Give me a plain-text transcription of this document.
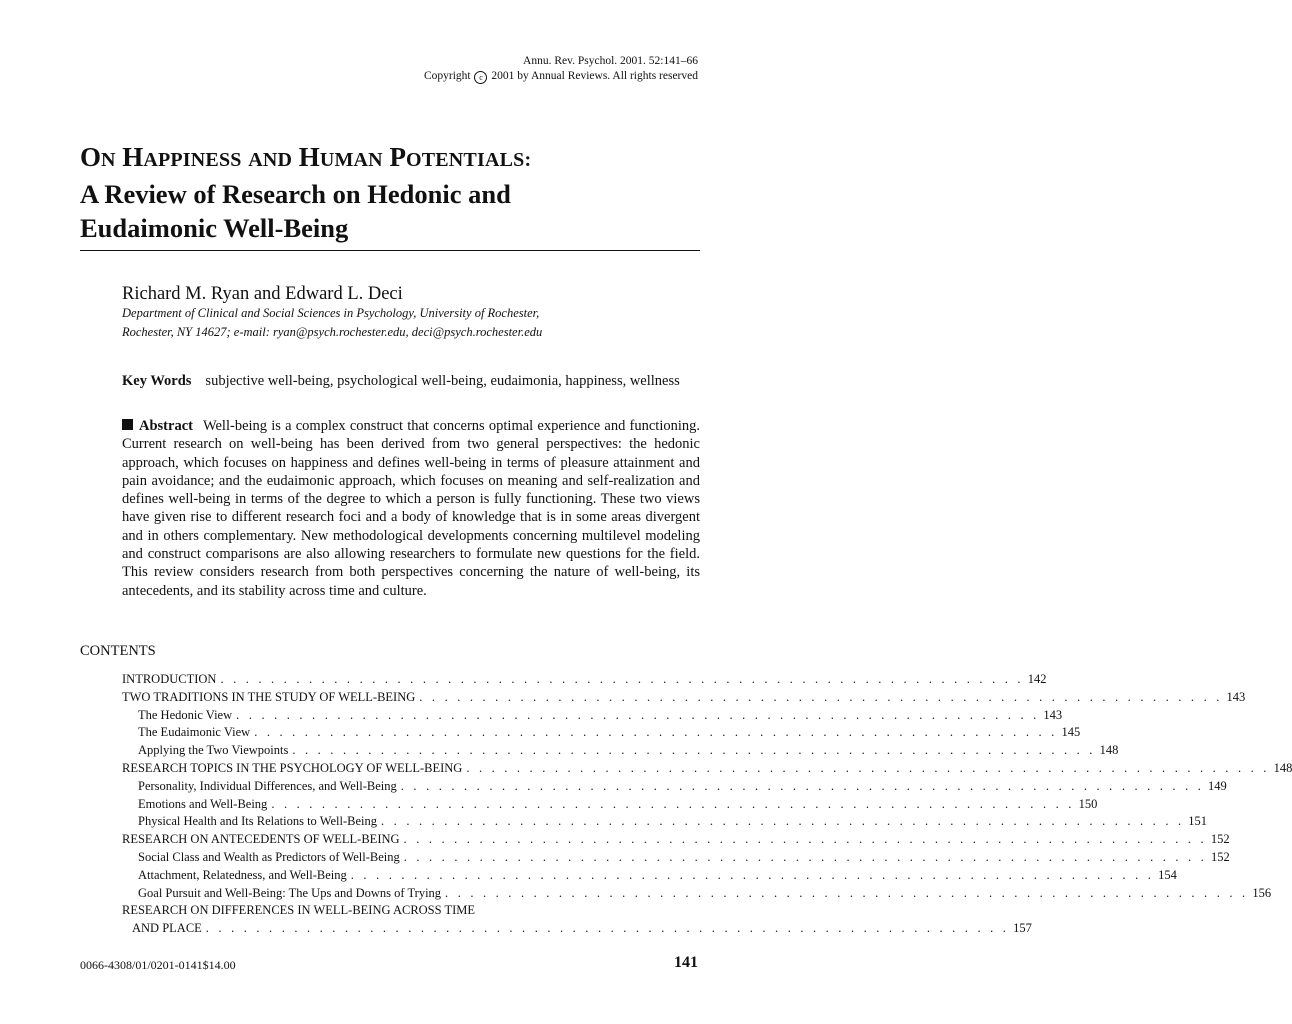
Annu. Rev. Psychol. 2001. 52:141–66
Copyright c 2001 by Annual Reviews. All rights reserved
ON HAPPINESS AND HUMAN POTENTIALS:
A Review of Research on Hedonic and
Eudaimonic Well-Being
Richard M. Ryan and Edward L. Deci
Department of Clinical and Social Sciences in Psychology, University of Rochester,
Rochester, NY 14627; e-mail: ryan@psych.rochester.edu, deci@psych.rochester.edu
Key Words subjective well-being, psychological well-being, eudaimonia, happiness, wellness
Abstract Well-being is a complex construct that concerns optimal experience and functioning. Current research on well-being has been derived from two general perspectives: the hedonic approach, which focuses on happiness and defines well-being in terms of pleasure attainment and pain avoidance; and the eudaimonic approach, which focuses on meaning and self-realization and defines well-being in terms of the degree to which a person is fully functioning. These two views have given rise to different research foci and a body of knowledge that is in some areas divergent and in others complementary. New methodological developments concerning multilevel modeling and construct comparisons are also allowing researchers to formulate new questions for the field. This review considers research from both perspectives concerning the nature of well-being, its antecedents, and its stability across time and culture.
CONTENTS
INTRODUCTION . . . . . . . . . . . . . . . . . . . . . . . . . . . . . . . . . . . . . . . . . . . . . . . . . . . . . . . . . . . . . . . . 142
TWO TRADITIONS IN THE STUDY OF WELL-BEING . . . . . . . . . . . . . . . . . . . . . . . . . . . . . . . . . . . . . . . . . . . . . . . . . . . . . . . . . . . . . . . . 143
The Hedonic View . . . . . . . . . . . . . . . . . . . . . . . . . . . . . . . . . . . . . . . . . . . . . . . . . . . . . . . . . . . . . . . . 143
The Eudaimonic View . . . . . . . . . . . . . . . . . . . . . . . . . . . . . . . . . . . . . . . . . . . . . . . . . . . . . . . . . . . . . . . . 145
Applying the Two Viewpoints . . . . . . . . . . . . . . . . . . . . . . . . . . . . . . . . . . . . . . . . . . . . . . . . . . . . . . . . . . . . . . . . 148
RESEARCH TOPICS IN THE PSYCHOLOGY OF WELL-BEING . . . . . . . . . . . . . . . . . . . . . . . . . . . . . . . . . . . . . . . . . . . . . . . . . . . . . . . . . . . . . . . . 148
Personality, Individual Differences, and Well-Being . . . . . . . . . . . . . . . . . . . . . . . . . . . . . . . . . . . . . . . . . . . . . . . . . . . . . . . . . . . . . . . . 149
Emotions and Well-Being . . . . . . . . . . . . . . . . . . . . . . . . . . . . . . . . . . . . . . . . . . . . . . . . . . . . . . . . . . . . . . . . 150
Physical Health and Its Relations to Well-Being . . . . . . . . . . . . . . . . . . . . . . . . . . . . . . . . . . . . . . . . . . . . . . . . . . . . . . . . . . . . . . . . 151
RESEARCH ON ANTECEDENTS OF WELL-BEING . . . . . . . . . . . . . . . . . . . . . . . . . . . . . . . . . . . . . . . . . . . . . . . . . . . . . . . . . . . . . . . . 152
Social Class and Wealth as Predictors of Well-Being . . . . . . . . . . . . . . . . . . . . . . . . . . . . . . . . . . . . . . . . . . . . . . . . . . . . . . . . . . . . . . . . 152
Attachment, Relatedness, and Well-Being . . . . . . . . . . . . . . . . . . . . . . . . . . . . . . . . . . . . . . . . . . . . . . . . . . . . . . . . . . . . . . . . 154
Goal Pursuit and Well-Being: The Ups and Downs of Trying . . . . . . . . . . . . . . . . . . . . . . . . . . . . . . . . . . . . . . . . . . . . . . . . . . . . . . . . . . . . . . . . 156
RESEARCH ON DIFFERENCES IN WELL-BEING ACROSS TIME
AND PLACE . . . . . . . . . . . . . . . . . . . . . . . . . . . . . . . . . . . . . . . . . . . . . . . . . . . . . . . . . . . . . . . . 157
0066-4308/01/0201-0141$14.00	141
